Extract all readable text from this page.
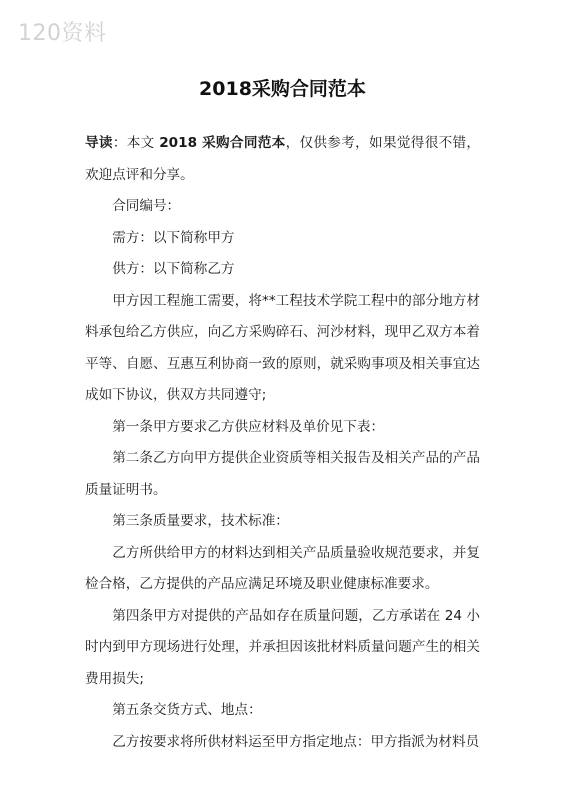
120资料
2018采购合同范本

导读：本文 2018 采购合同范本，仅供参考，如果觉得很不错，欢迎点评和分享。

合同编号：

需方：以下简称甲方

供方：以下简称乙方

甲方因工程施工需要，将**工程技术学院工程中的部分地方材料承包给乙方供应，向乙方采购碎石、河沙材料，现甲乙双方本着平等、自愿、互惠互利协商一致的原则，就采购事项及相关事宜达成如下协议，供双方共同遵守;

第一条甲方要求乙方供应材料及单价见下表：

第二条乙方向甲方提供企业资质等相关报告及相关产品的产品质量证明书。

第三条质量要求，技术标准：

乙方所供给甲方的材料达到相关产品质量验收规范要求，并复检合格，乙方提供的产品应满足环境及职业健康标准要求。

第四条甲方对提供的产品如存在质量问题，乙方承诺在 24 小时内到甲方现场进行处理，并承担因该批材料质量问题产生的相关费用损失;

第五条交货方式、地点：

乙方按要求将所供材料运至甲方指定地点：甲方指派为材料员
